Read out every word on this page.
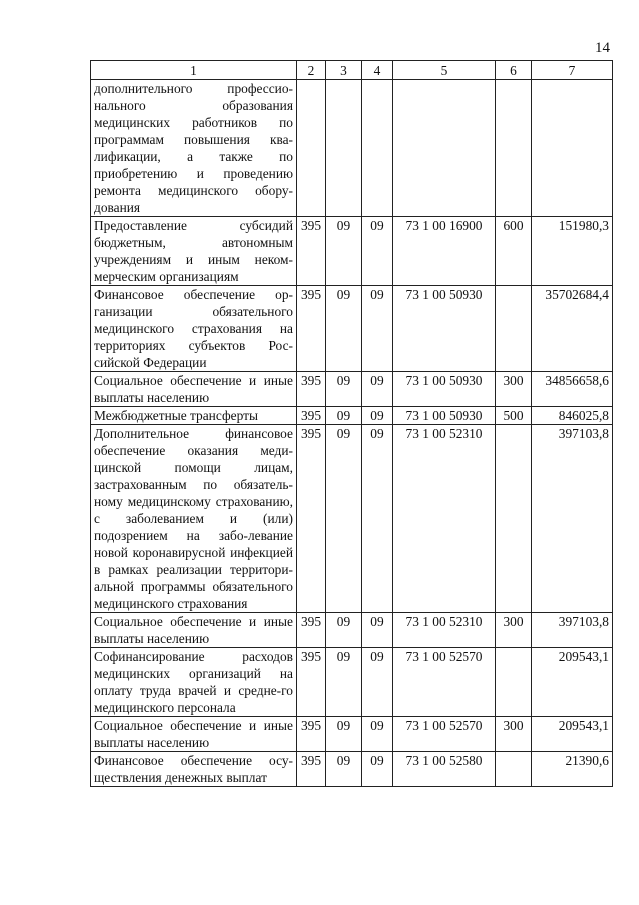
14
1	2	3	4	5	6	7
дополнительного профессио-нального образования медицинских работников по программам повышения ква-лификации, а также по приобретению и проведению ремонта медицинского обору-дования						
Предоставление субсидий бюджетным, автономным учреждениям и иным неком-мерческим организациям	395	09	09	73 1 00 16900	600	151980,3
Финансовое обеспечение ор-ганизации обязательного медицинского страхования на территориях субъектов Рос-сийской Федерации	395	09	09	73 1 00 50930		35702684,4
Социальное обеспечение и иные выплаты населению	395	09	09	73 1 00 50930	300	34856658,6
Межбюджетные трансферты	395	09	09	73 1 00 50930	500	846025,8
Дополнительное финансовое обеспечение оказания меди-цинской помощи лицам, застрахованным по обязатель-ному медицинскому страхованию, с заболеванием и (или) подозрением на забо-левание новой коронавирусной инфекцией в рамках реализации территори-альной программы обязательного медицинского страхования	395	09	09	73 1 00 52310		397103,8
Социальное обеспечение и иные выплаты населению	395	09	09	73 1 00 52310	300	397103,8
Софинансирование расходов медицинских организаций на оплату труда врачей и средне-го медицинского персонала	395	09	09	73 1 00 52570		209543,1
Социальное обеспечение и иные выплаты населению	395	09	09	73 1 00 52570	300	209543,1
Финансовое обеспечение осу-ществления денежных выплат	395	09	09	73 1 00 52580		21390,6
